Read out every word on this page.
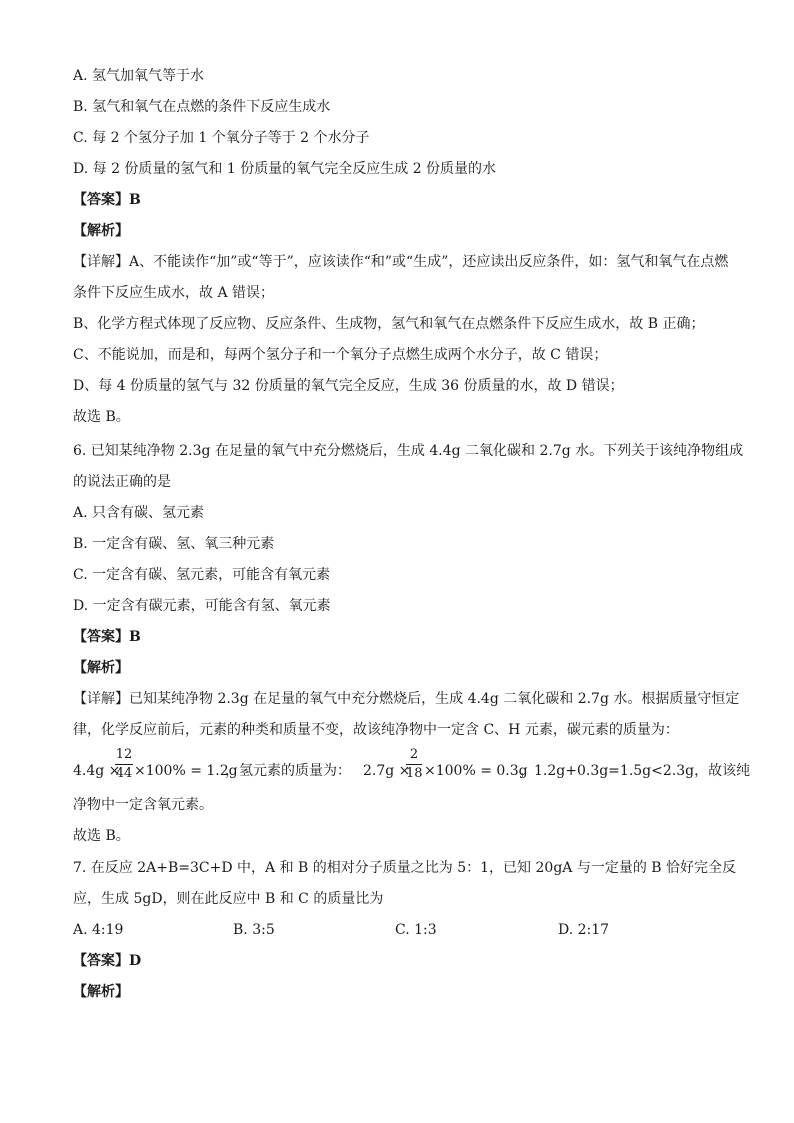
A. 氢气加氧气等于水
B. 氢气和氧气在点燃的条件下反应生成水
C. 每 2 个氢分子加 1 个氧分子等于 2 个水分子
D. 每 2 份质量的氢气和 1 份质量的氧气完全反应生成 2 份质量的水
【答案】B
【解析】
【详解】A、不能读作“加”或“等于”，应该读作“和”或“生成”，还应读出反应条件，如：氢气和氧气在点燃
条件下反应生成水，故 A 错误；
B、化学方程式体现了反应物、反应条件、生成物，氢气和氧气在点燃条件下反应生成水，故 B 正确；
C、不能说加，而是和，每两个氢分子和一个氧分子点燃生成两个水分子，故 C 错误；
D、每 4 份质量的氢气与 32 份质量的氧气完全反应，生成 36 份质量的水，故 D 错误；
故选 B。
6. 已知某纯净物 2.3g 在足量的氧气中充分燃烧后，生成 4.4g 二氧化碳和 2.7g 水。下列关于该纯净物组成
的说法正确的是
A. 只含有碳、氢元素
B. 一定含有碳、氢、氧三种元素
C. 一定含有碳、氢元素，可能含有氧元素
D. 一定含有碳元素，可能含有氢、氧元素
【答案】B
【解析】
【详解】已知某纯净物 2.3g 在足量的氧气中充分燃烧后，生成 4.4g 二氧化碳和 2.7g 水。根据质量守恒定
律，化学反应前后，元素的种类和质量不变，故该纯净物中一定含 C、H 元素，碳元素的质量为：
4.4g ×
12
44 ×100% = 1.2g
，氢元素的质量为： 2.7g ×
2
18 ×100% = 0.3g
，1.2g+0.3g=1.5g<2.3g，故该纯
净物中一定含氧元素。
故选 B。
7. 在反应 2A+B=3C+D 中，A 和 B 的相对分子质量之比为 5：1，已知 20gA 与一定量的 B 恰好完全反
应，生成 5gD，则在此反应中 B 和 C 的质量比为
A. 4:19	B. 3:5	C. 1:3	D. 2:17
【答案】D
【解析】
